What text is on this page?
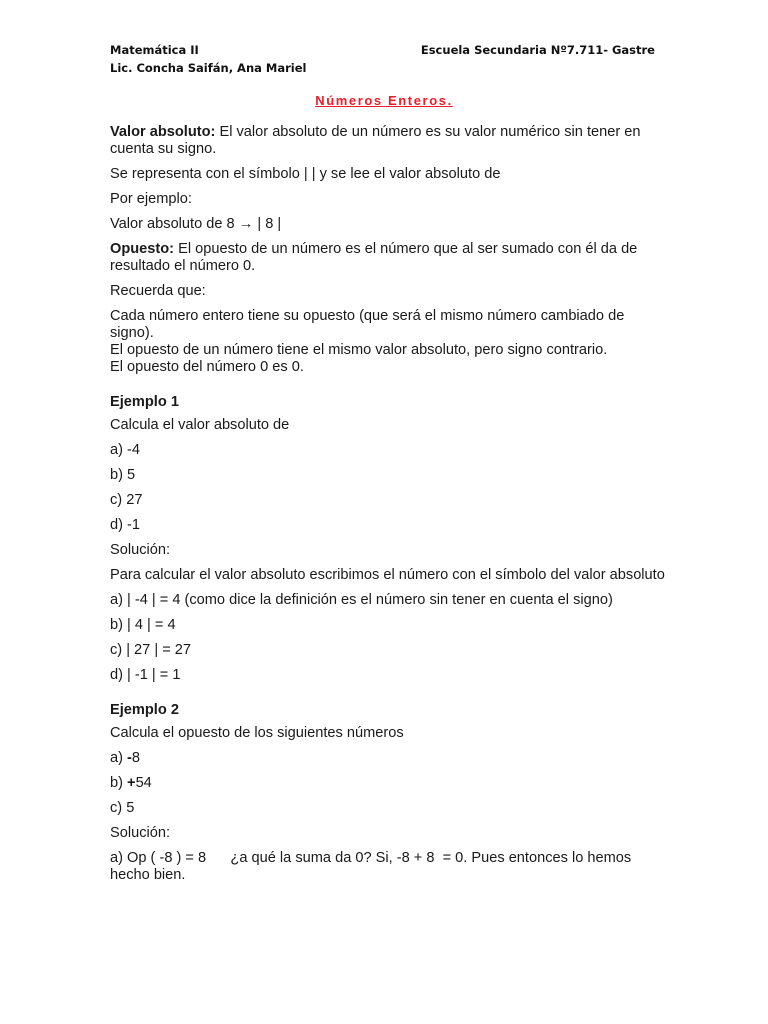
Matemática II
Lic. Concha Saifán, Ana Mariel
Escuela Secundaria Nº7.711- Gastre
Números Enteros.

Valor absoluto: El valor absoluto de un número es su valor numérico sin tener en cuenta su signo.

Se representa con el símbolo | | y se lee el valor absoluto de

Por ejemplo:

Valor absoluto de 8 → | 8 |

Opuesto: El opuesto de un número es el número que al ser sumado con él da de resultado el número 0.

Recuerda que:

Cada número entero tiene su opuesto (que será el mismo número cambiado de signo).

El opuesto de un número tiene el mismo valor absoluto, pero signo contrario.

El opuesto del número 0 es 0.

Ejemplo 1

Calcula el valor absoluto de

a) -4

b) 5

c) 27

d) -1

Solución:

Para calcular el valor absoluto escribimos el número con el símbolo del valor absoluto

a) | -4 | = 4 (como dice la definición es el número sin tener en cuenta el signo)

b) | 4 | = 4

c) | 27 | = 27

d) | -1 | = 1

Ejemplo 2

Calcula el opuesto de los siguientes números

a) -8

b) +54

c) 5

Solución:

a) Op ( -8 ) = 8      ¿a qué la suma da 0? Si, -8 + 8  = 0. Pues entonces lo hemos hecho bien.
